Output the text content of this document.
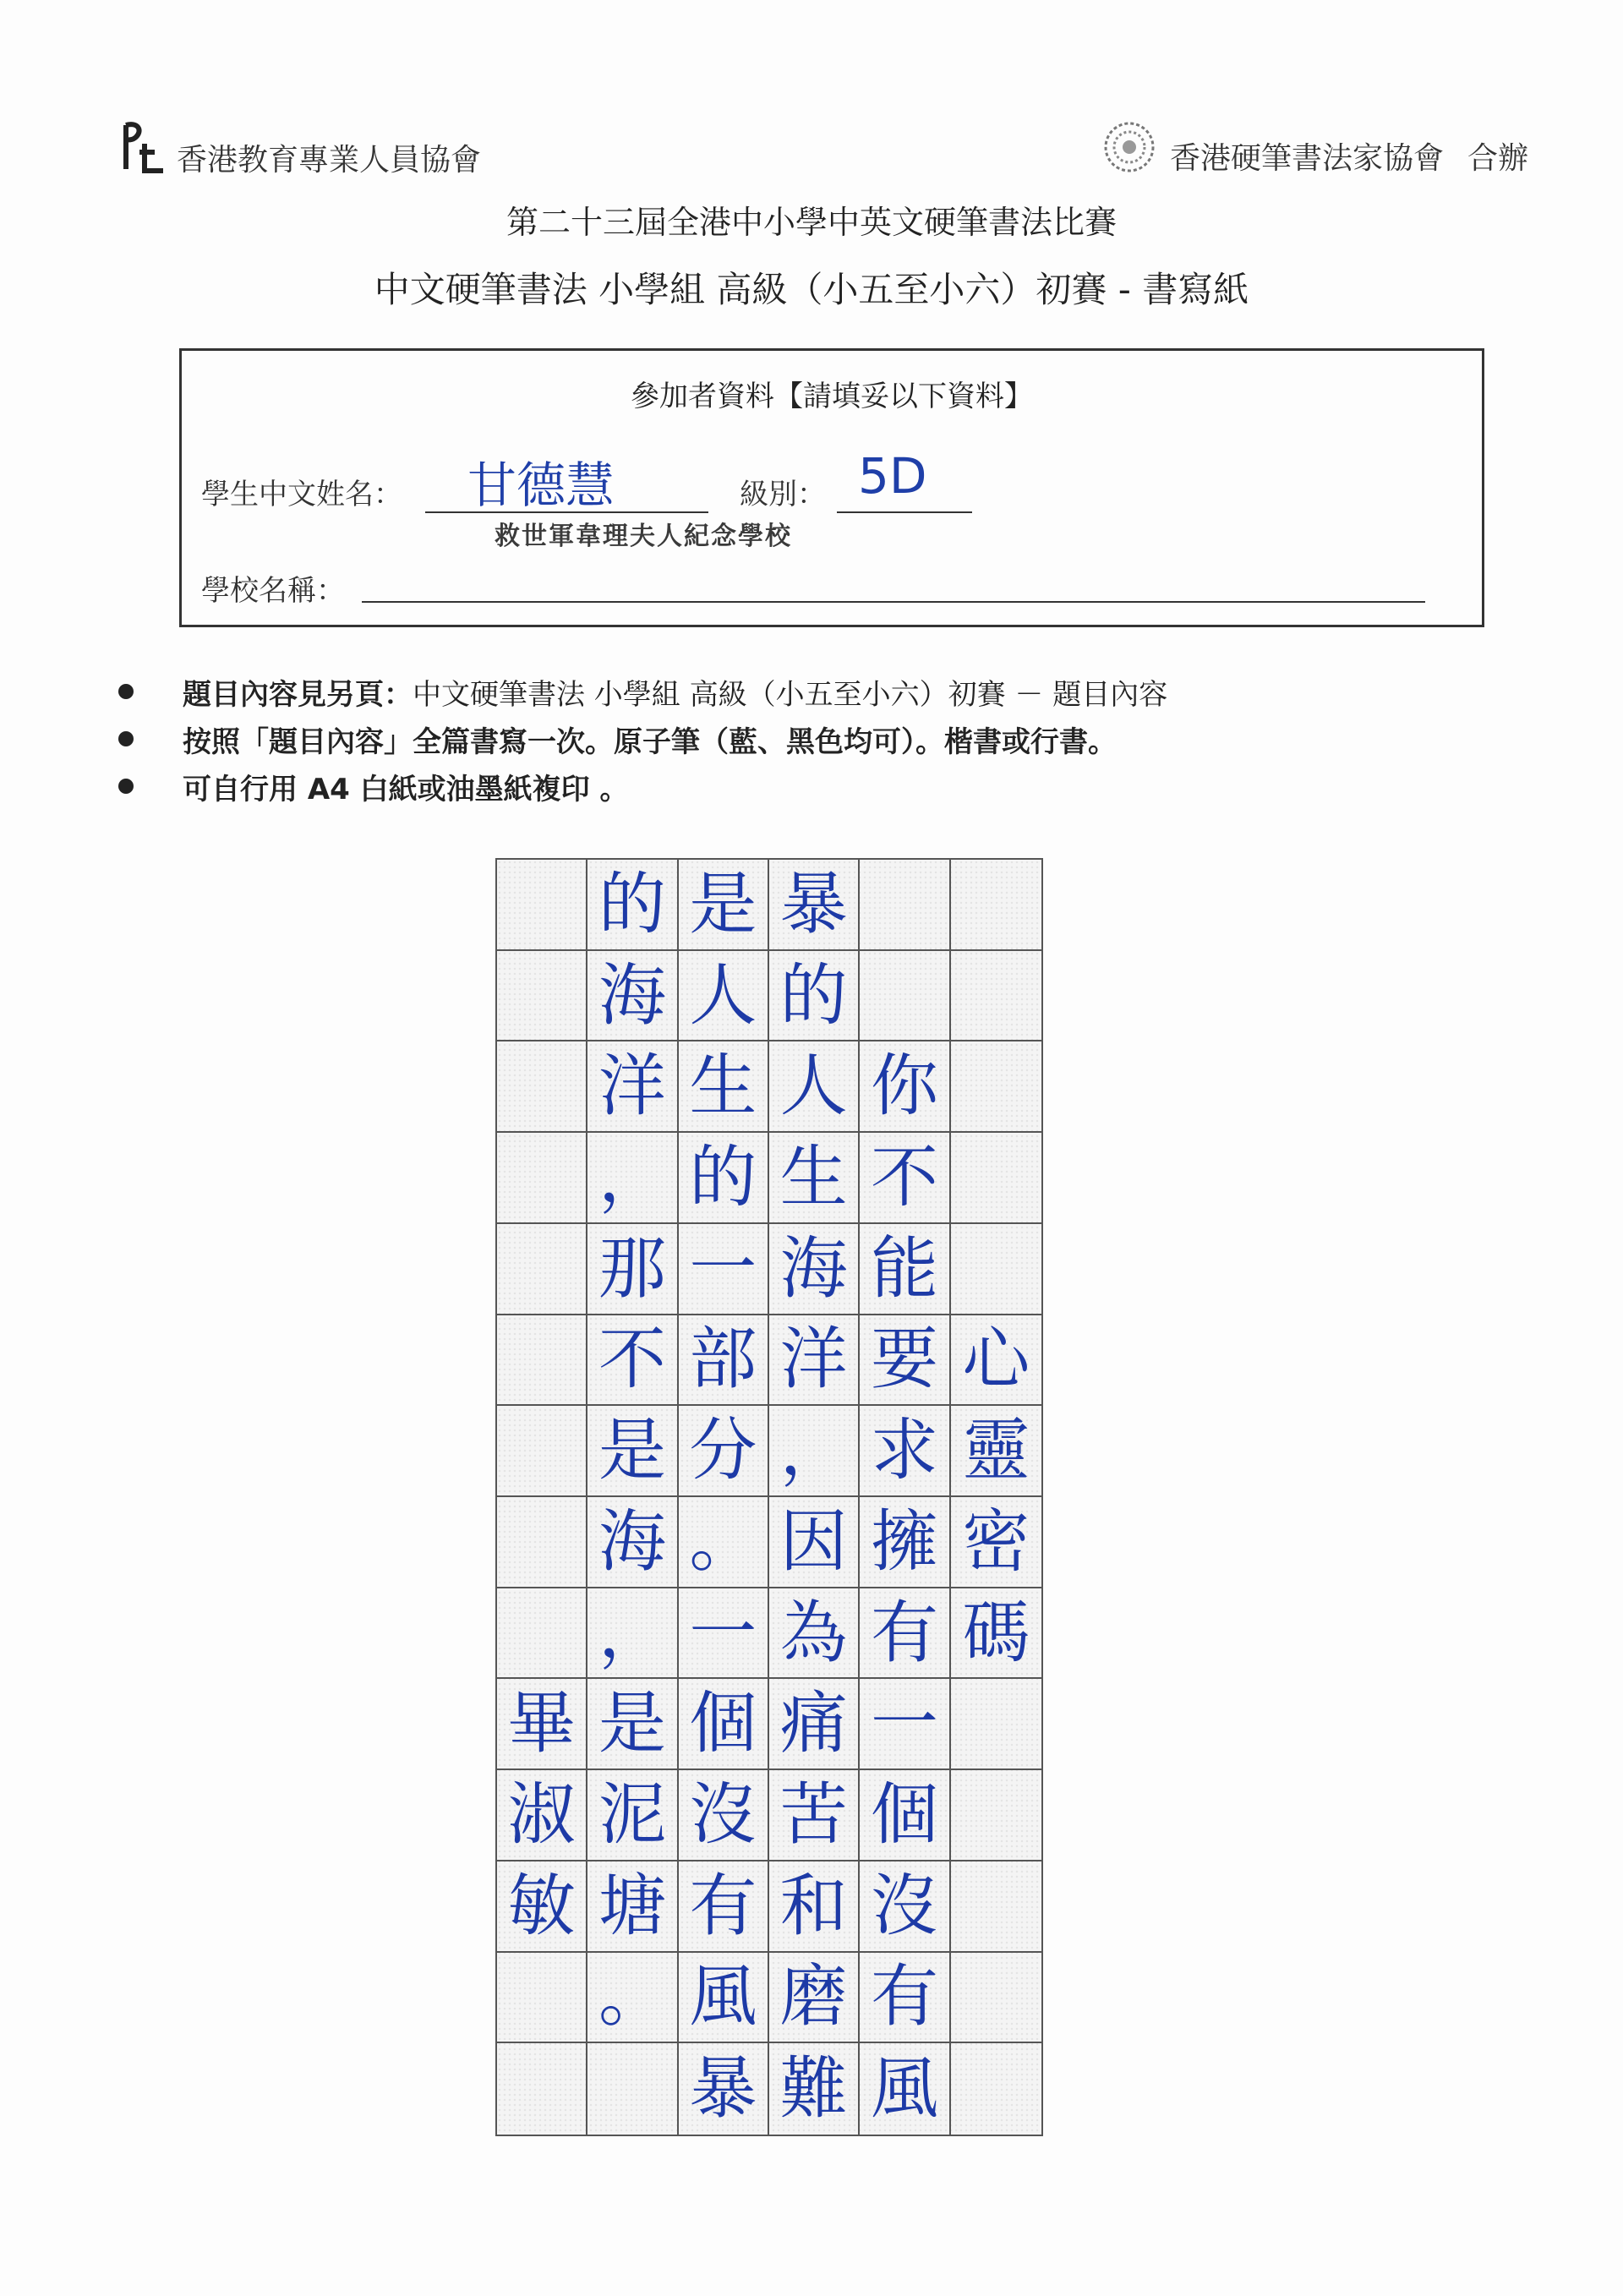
香港教育專業人員協會	香港硬筆書法家協會 合辦
第二十三屆全港中小學中英文硬筆書法比賽
中文硬筆書法 小學組 高級（小五至小六）初賽 - 書寫紙
參加者資料【請填妥以下資料】
學生中文姓名： 甘德慧	級別： 5D
救世軍韋理夫人紀念學校
學校名稱：
題目內容見另頁： 中文硬筆書法 小學組 高級（小五至小六）初賽 － 題目內容
按照「題目內容」全篇書寫一次。原子筆（藍、黑色均可）。楷書或行書。
可自行用 A4 白紙或油墨紙複印 。
的 是 暴
海 人 的
洋 生 人 你
， 的 生 不
那 一 海 能
不 部 洋 要 心
是 分 ， 求 靈
海 。 因 擁 密
， 一 為 有 碼
畢 是 個 痛 一
淑 泥 沒 苦 個
敏 塘 有 和 沒
。 風 磨 有
暴 難 風
